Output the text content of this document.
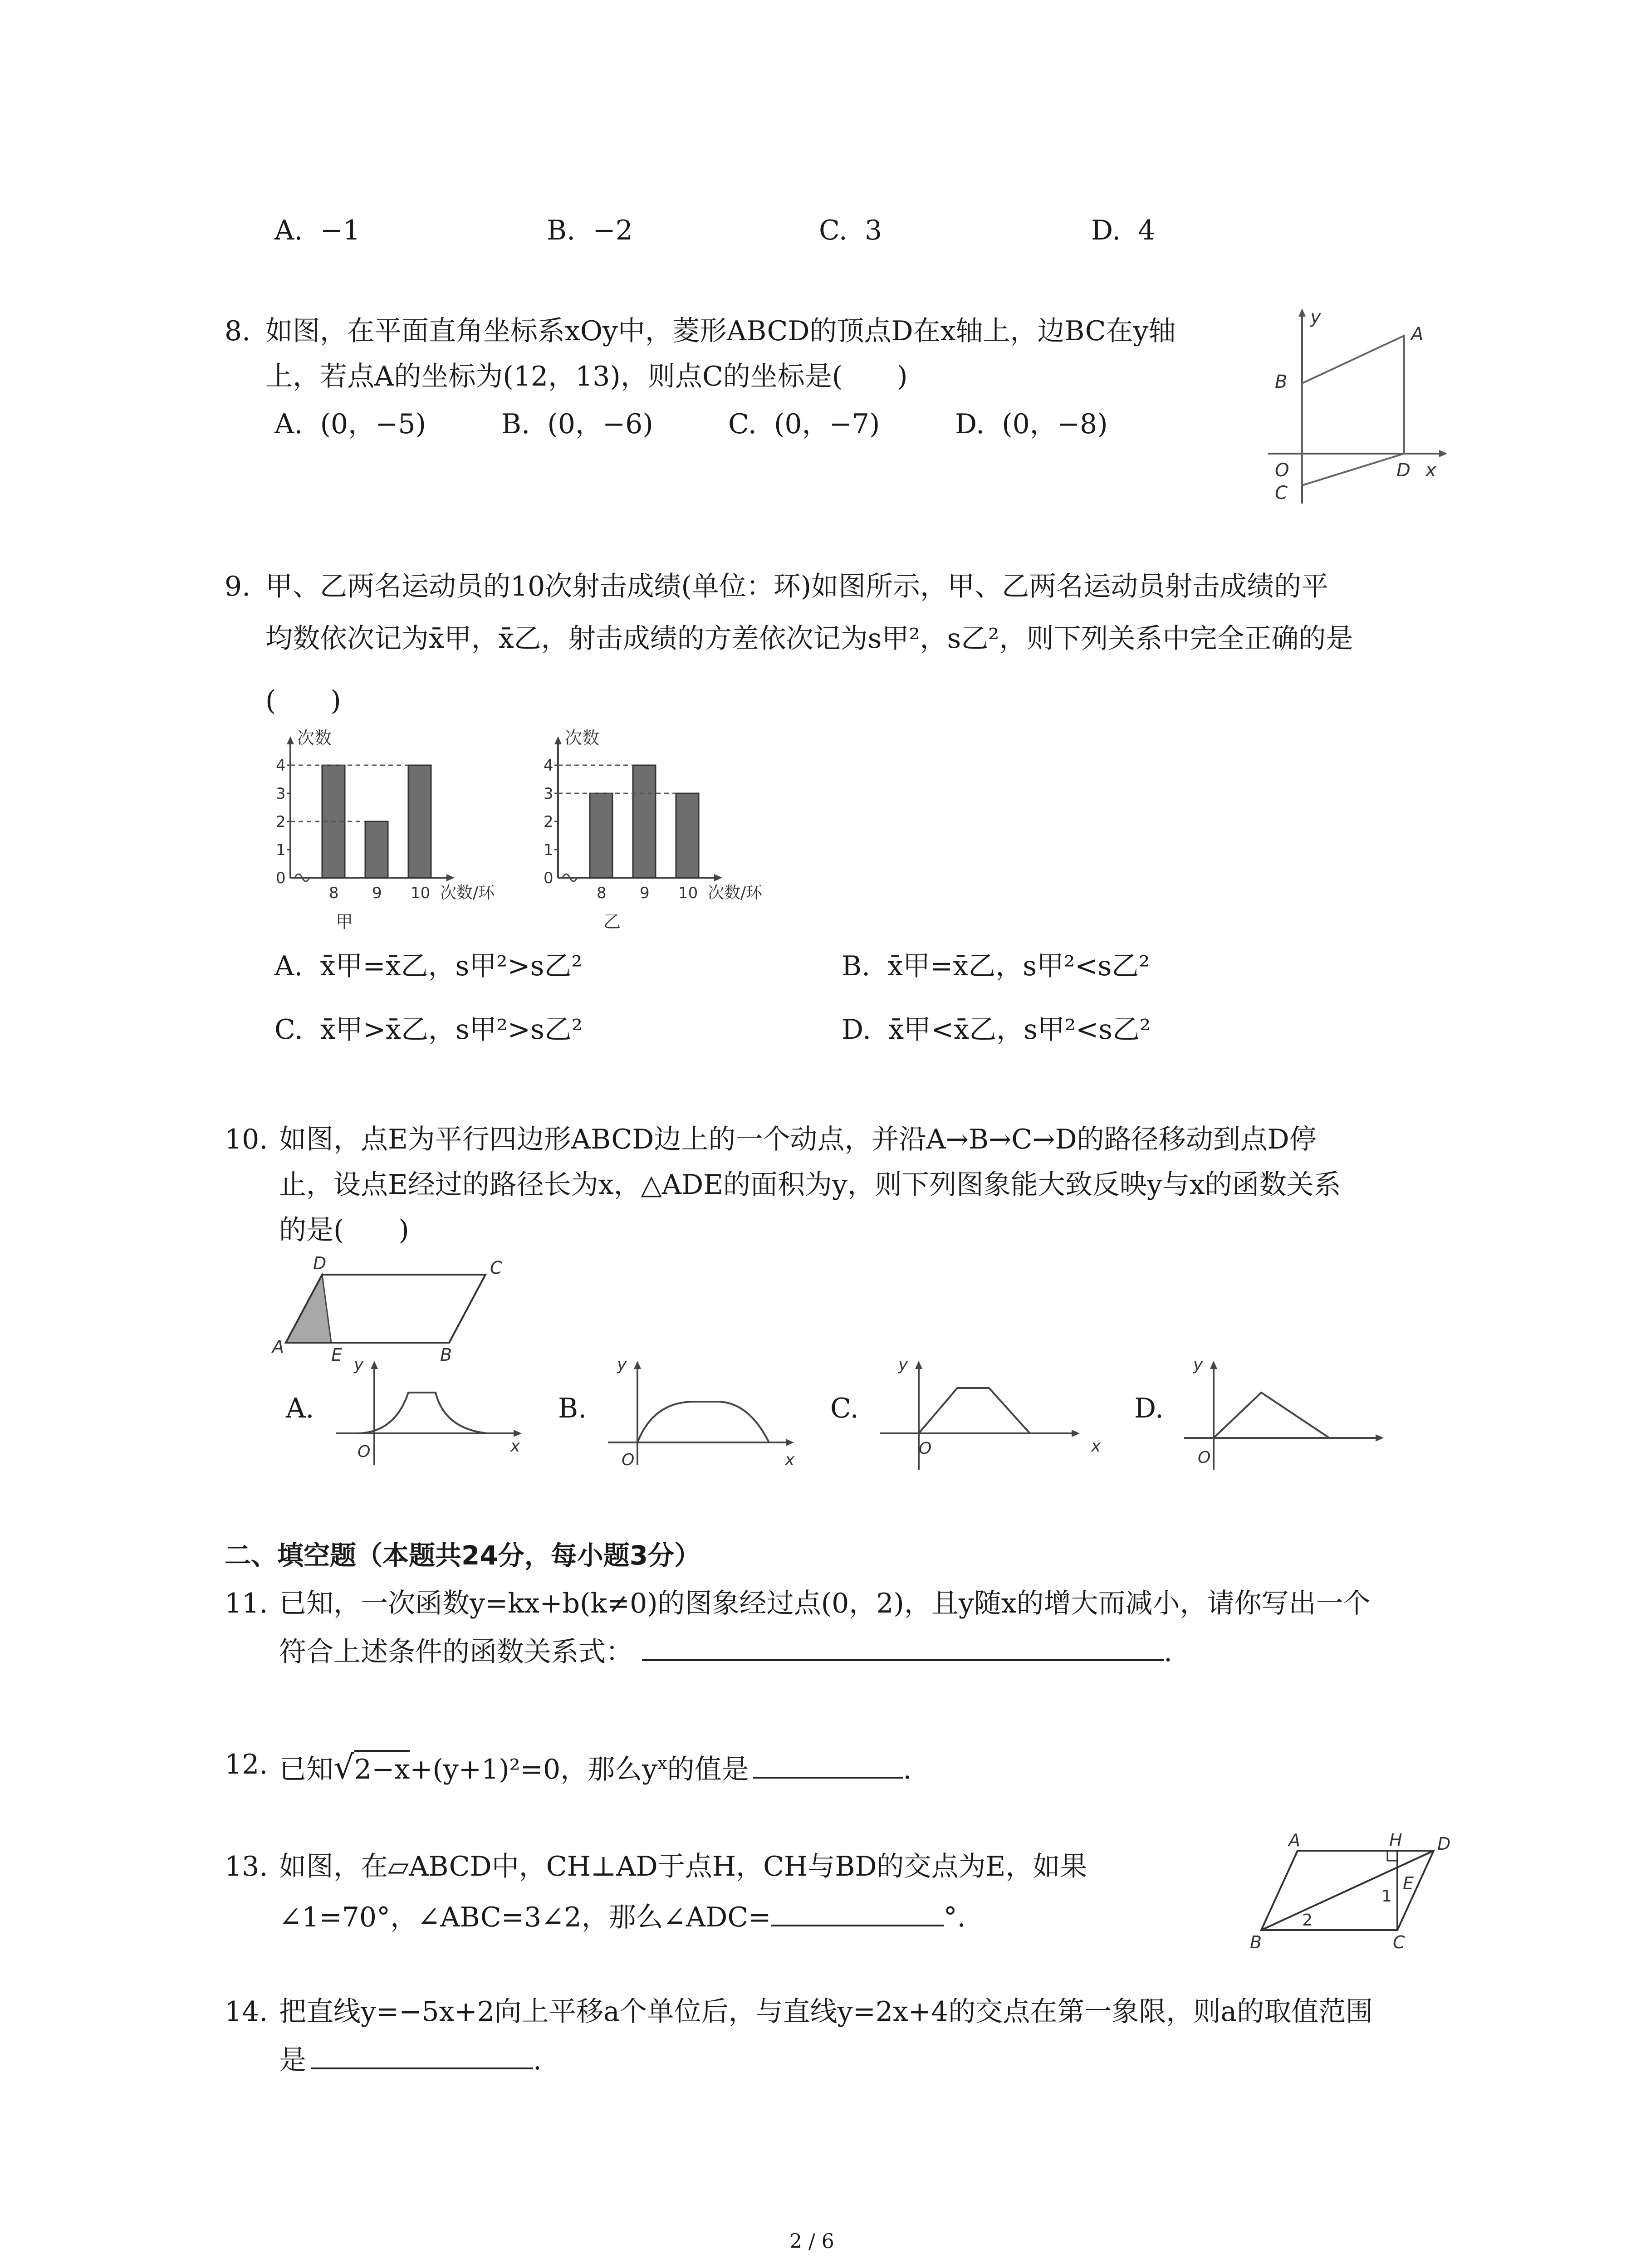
A. −1	B. −2	C. 3	D. 4
8. 如图，在平面直角坐标系xOy中，菱形ABCD的顶点D在x轴上，边BC在y轴
上，若点A的坐标为(12，13)，则点C的坐标是(　　)
A. (0，−5)	B. (0，−6)	C. (0，−7)	D. (0，−8)
y
A
B
O	D x
C
9. 甲、乙两名运动员的10次射击成绩(单位：环)如图所示，甲、乙两名运动员射击成绩的平
均数依次记为x̄甲，x̄乙，射击成绩的方差依次记为s甲²，s乙²，则下列关系中完全正确的是
(　　)
0
1
2
3
4
8 9 10
次数
次数/环
甲
0
1
2
3
4
8 9 10
次数
次数/环
乙
A. x̄甲=x̄乙，s甲²>s乙²	B. x̄甲=x̄乙，s甲²<s乙²
C. x̄甲>x̄乙，s甲²>s乙²	D. x̄甲<x̄乙，s甲²<s乙²
10. 如图，点E为平行四边形ABCD边上的一个动点，并沿A→B→C→D的路径移动到点D停
止，设点E经过的路径长为x，△ADE的面积为y，则下列图象能大致反映y与x的函数关系
的是(　　)
D	C
A	E	B
A.	B.	C.	D.
y
O	x
y
O	x
y
O	x
y
O
二、填空题（本题共24分，每小题3分）
11. 已知，一次函数y=kx+b(k≠0)的图象经过点(0，2)，且y随x的增大而减小，请你写出一个
符合上述条件的函数关系式：	.
12. 已知√2−x+(y+1)²=0，那么$y^x$的值是	.
13. 如图，在▱ABCD中，CH⊥AD于点H，CH与BD的交点为E，如果
∠1=70°，∠ABC=3∠2，那么∠ADC=	°.
A	H D
E
1
2
B	C
14. 把直线y=−5x+2向上平移a个单位后，与直线y=2x+4的交点在第一象限，则a的取值范围
是	.
2 / 6
